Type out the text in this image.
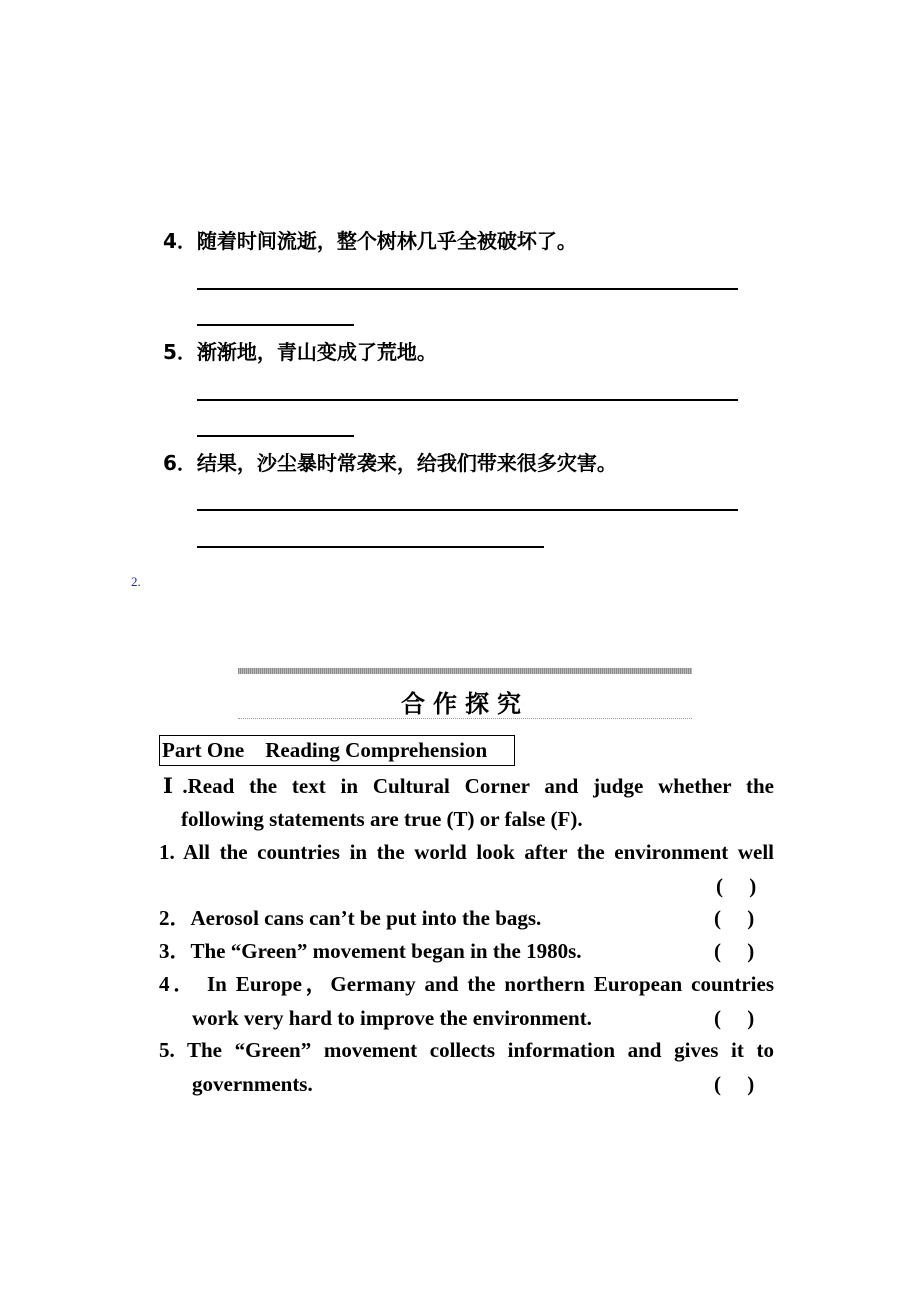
4．随着时间流逝，整个树林几乎全被破坏了。
5．渐渐地，青山变成了荒地。
6．结果，沙尘暴时常袭来，给我们带来很多灾害。
2.
合作探究
Part One　Reading Comprehension
Ⅰ.Read the text in Cultural Corner and judge whether the
following statements are true (T) or false (F).
1. All the countries in the world look after the environment well
(　 )
2．Aerosol cans can’t be put into the bags.	(　 )
3．The “Green” movement began in the 1980s.	(　 )
4． In Europe，Germany and the northern European countries
work very hard to improve the environment.	(　 )
5. The “Green” movement collects information and gives it to
governments.	(　 )
